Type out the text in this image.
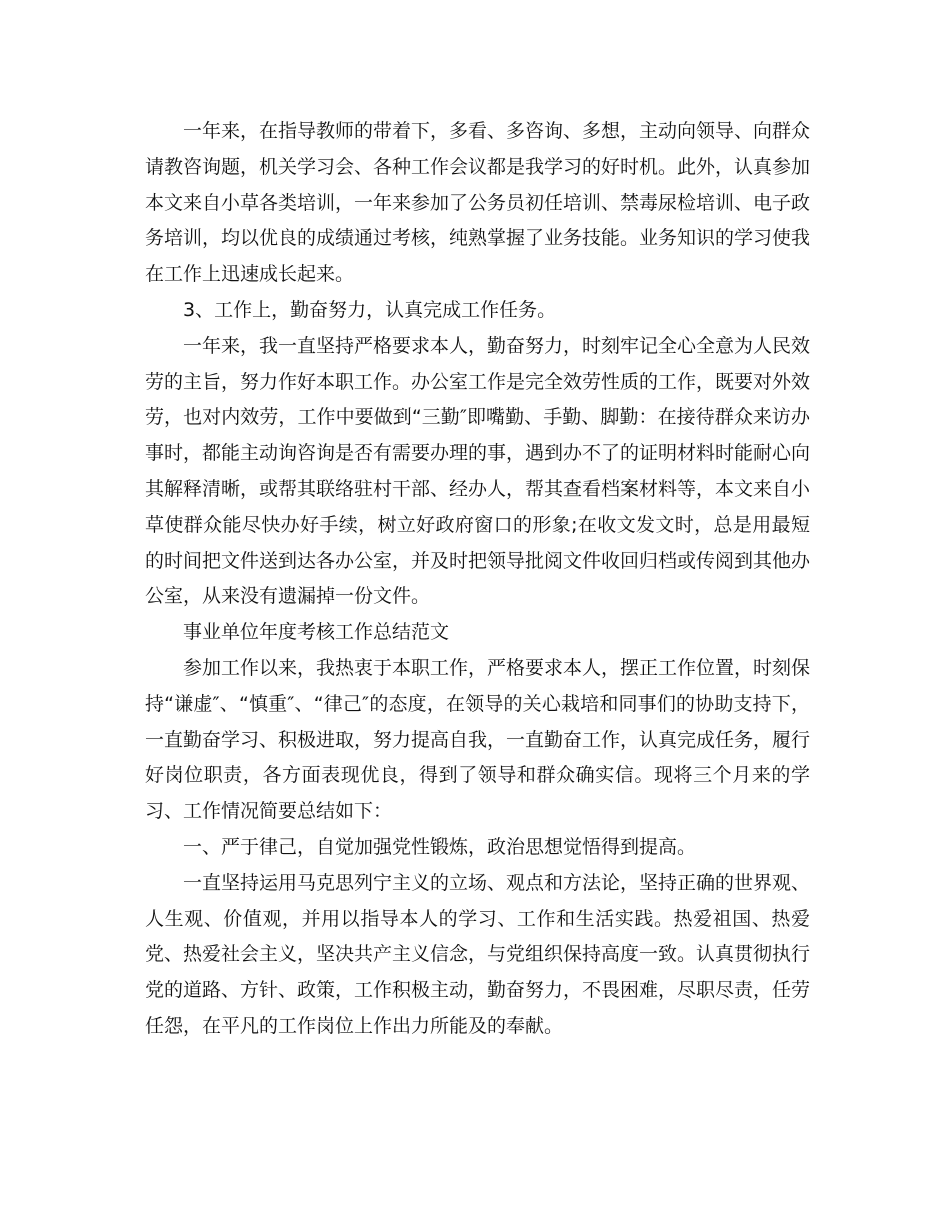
一年来，在指导教师的带着下，多看、多咨询、多想，主动向领导、向群众请教咨询题，机关学习会、各种工作会议都是我学习的好时机。此外，认真参加本文来自小草各类培训，一年来参加了公务员初任培训、禁毒尿检培训、电子政务培训，均以优良的成绩通过考核，纯熟掌握了业务技能。业务知识的学习使我在工作上迅速成长起来。

3、工作上，勤奋努力，认真完成工作任务。

一年来，我一直坚持严格要求本人，勤奋努力，时刻牢记全心全意为人民效劳的主旨，努力作好本职工作。办公室工作是完全效劳性质的工作，既要对外效劳，也对内效劳，工作中要做到“三勤″即嘴勤、手勤、脚勤：在接待群众来访办事时，都能主动询咨询是否有需要办理的事，遇到办不了的证明材料时能耐心向其解释清晰，或帮其联络驻村干部、经办人，帮其查看档案材料等，本文来自小草使群众能尽快办好手续，树立好政府窗口的形象;在收文发文时，总是用最短的时间把文件送到达各办公室，并及时把领导批阅文件收回归档或传阅到其他办公室，从来没有遗漏掉一份文件。

事业单位年度考核工作总结范文

参加工作以来，我热衷于本职工作，严格要求本人，摆正工作位置，时刻保持“谦虚″、“慎重″、“律己″的态度，在领导的关心栽培和同事们的协助支持下，一直勤奋学习、积极进取，努力提高自我，一直勤奋工作，认真完成任务，履行好岗位职责，各方面表现优良，得到了领导和群众确实信。现将三个月来的学习、工作情况简要总结如下：

一、严于律己，自觉加强党性锻炼，政治思想觉悟得到提高。

一直坚持运用马克思列宁主义的立场、观点和方法论，坚持正确的世界观、人生观、价值观，并用以指导本人的学习、工作和生活实践。热爱祖国、热爱党、热爱社会主义，坚决共产主义信念，与党组织保持高度一致。认真贯彻执行党的道路、方针、政策，工作积极主动，勤奋努力，不畏困难，尽职尽责，任劳任怨，在平凡的工作岗位上作出力所能及的奉献。
